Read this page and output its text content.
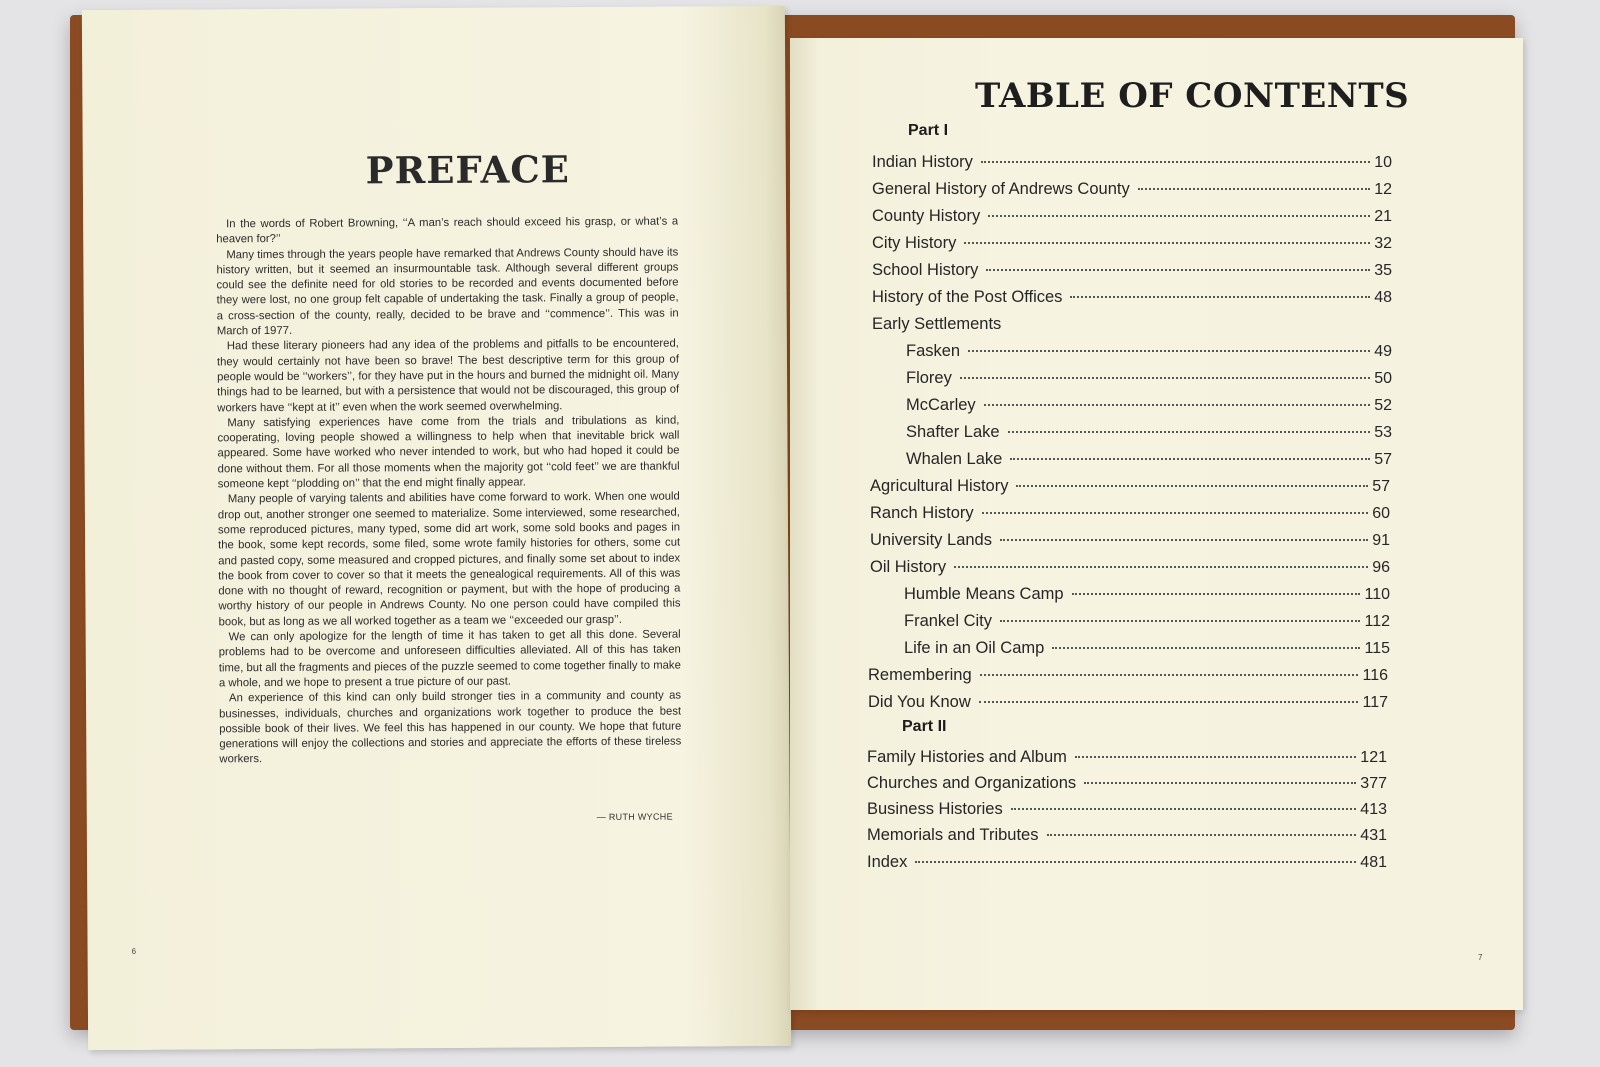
PREFACE

In the words of Robert Browning, ‘‘A man’s reach should exceed his grasp, or what’s a heaven for?’’

Many times through the years people have remarked that Andrews County should have its history written, but it seemed an insurmountable task. Although several different groups could see the definite need for old stories to be recorded and events documented before they were lost, no one group felt capable of undertaking the task. Finally a group of people, a cross-section of the county, really, decided to be brave and ‘‘commence’’. This was in March of 1977.

Had these literary pioneers had any idea of the problems and pitfalls to be encountered, they would certainly not have been so brave! The best descriptive term for this group of people would be ‘‘workers’’, for they have put in the hours and burned the midnight oil. Many things had to be learned, but with a persistence that would not be discouraged, this group of workers have ‘‘kept at it’’ even when the work seemed overwhelming.

Many satisfying experiences have come from the trials and tribulations as kind, cooperating, loving people showed a willingness to help when that inevitable brick wall appeared. Some have worked who never intended to work, but who had hoped it could be done without them. For all those moments when the majority got ‘‘cold feet’’ we are thankful someone kept ‘‘plodding on’’ that the end might finally appear.

Many people of varying talents and abilities have come forward to work. When one would drop out, another stronger one seemed to materialize. Some interviewed, some researched, some reproduced pictures, many typed, some did art work, some sold books and pages in the book, some kept records, some filed, some wrote family histories for others, some cut and pasted copy, some measured and cropped pictures, and finally some set about to index the book from cover to cover so that it meets the genealogical requirements. All of this was done with no thought of reward, recognition or payment, but with the hope of producing a worthy history of our people in Andrews County. No one person could have compiled this book, but as long as we all worked together as a team we ‘‘exceeded our grasp’’.

We can only apologize for the length of time it has taken to get all this done. Several problems had to be overcome and unforeseen difficulties alleviated. All of this has taken time, but all the fragments and pieces of the puzzle seemed to come together finally to make a whole, and we hope to present a true picture of our past.

An experience of this kind can only build stronger ties in a community and county as businesses, individuals, churches and organizations work together to produce the best possible book of their lives. We feel this has happened in our county. We hope that future generations will enjoy the collections and stories and appreciate the efforts of these tireless workers.

— RUTH WYCHE
6
TABLE OF CONTENTS
Part I
Indian History	10
General History of Andrews County	12
County History	21
City History	32
School History	35
History of the Post Offices	48
Early Settlements
Fasken	49
Florey	50
McCarley	52
Shafter Lake	53
Whalen Lake	57
Agricultural History	57
Ranch History	60
University Lands	91
Oil History	96
Humble Means Camp	110
Frankel City	112
Life in an Oil Camp	115
Remembering	116
Did You Know	117
Part II
Family Histories and Album	121
Churches and Organizations	377
Business Histories	413
Memorials and Tributes	431
Index	481
7
